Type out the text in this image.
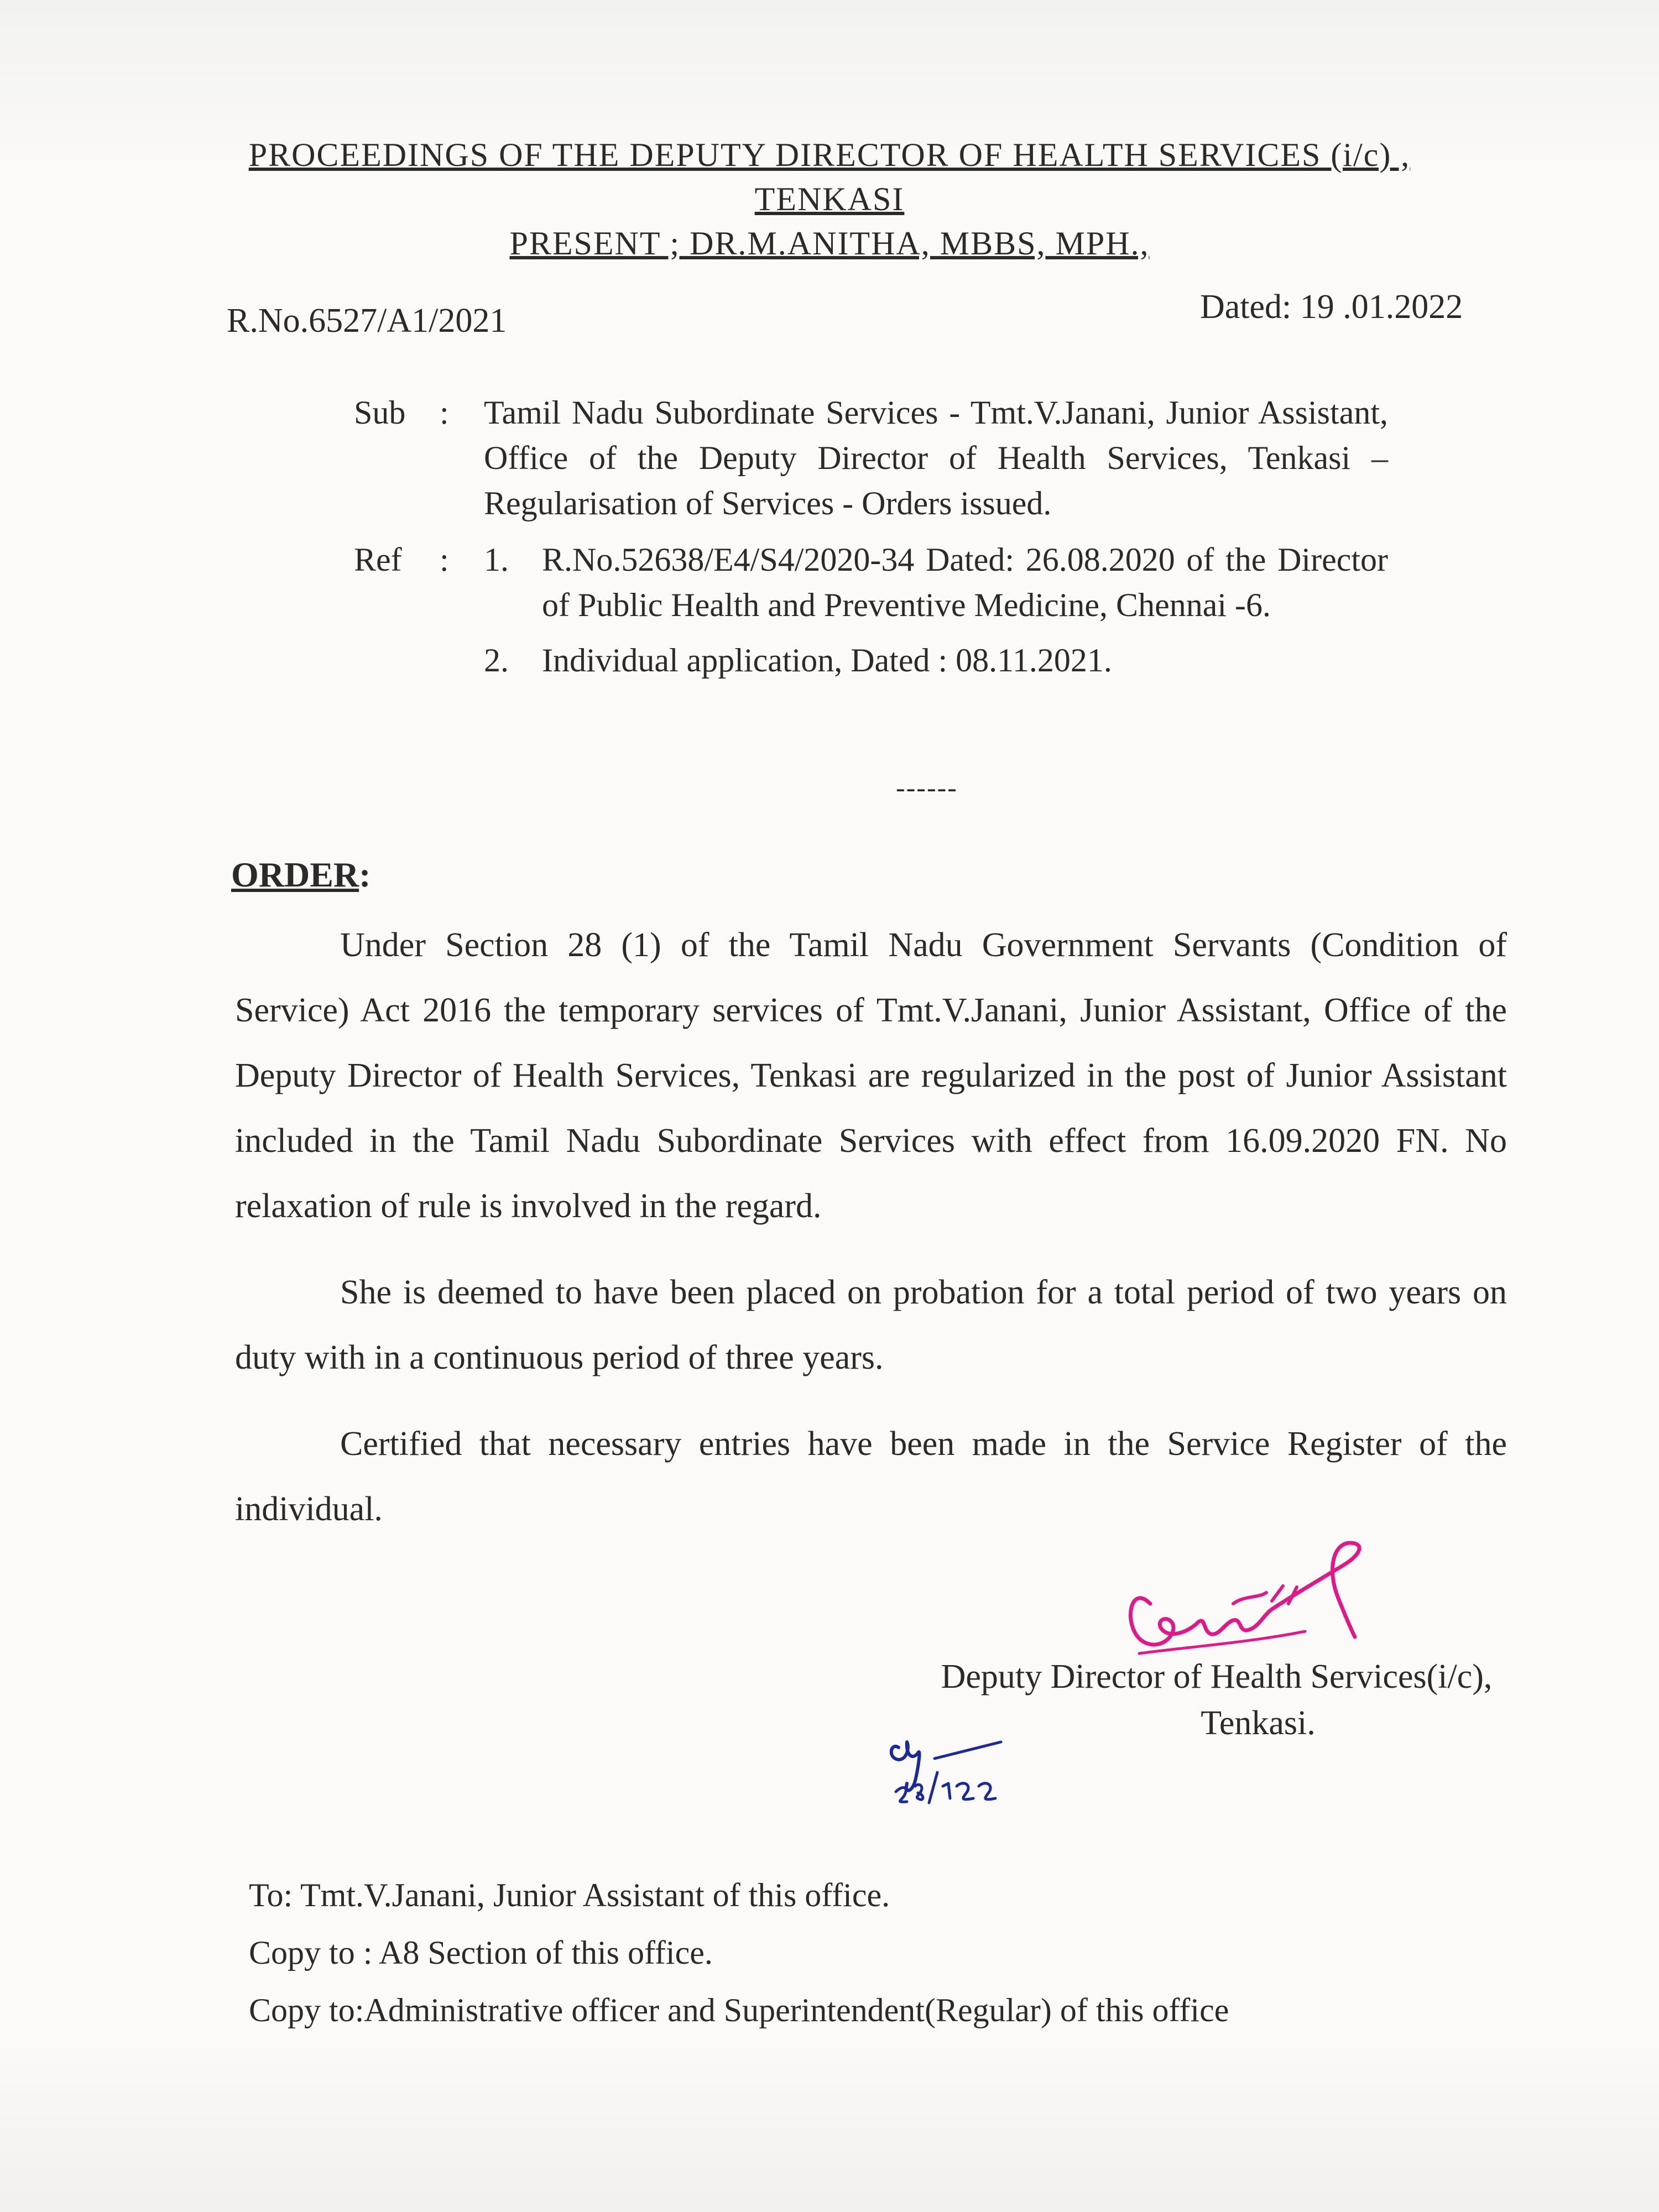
PROCEEDINGS OF THE DEPUTY DIRECTOR OF HEALTH SERVICES (i/c) ,
TENKASI
PRESENT ; DR.M.ANITHA, MBBS, MPH.,
R.No.6527/A1/2021	Dated: 19 .01.2022
Sub	:	Tamil Nadu Subordinate Services - Tmt.V.Janani, Junior Assistant, Office of the Deputy Director of Health Services, Tenkasi – Regularisation of Services - Orders issued.
Ref	:	1.	R.No.52638/E4/S4/2020-34 Dated: 26.08.2020 of the Director of Public Health and Preventive Medicine, Chennai -6.
2.	Individual application, Dated : 08.11.2021.
------
ORDER:

Under Section 28 (1) of the Tamil Nadu Government Servants (Condition of Service) Act 2016 the temporary services of Tmt.V.Janani, Junior Assistant, Office of the Deputy Director of Health Services, Tenkasi are regularized in the post of Junior Assistant included in the Tamil Nadu Subordinate Services with effect from 16.09.2020 FN. No relaxation of rule is involved in the regard.

She is deemed to have been placed on probation for a total period of two years on duty with in a continuous period of three years.

Certified that necessary entries have been made in the Service Register of the individual.

Deputy Director of Health Services(i/c),
Tenkasi.
To: Tmt.V.Janani, Junior Assistant of this office.
Copy to : A8 Section of this office.
Copy to:Administrative officer and Superintendent(Regular) of this office
